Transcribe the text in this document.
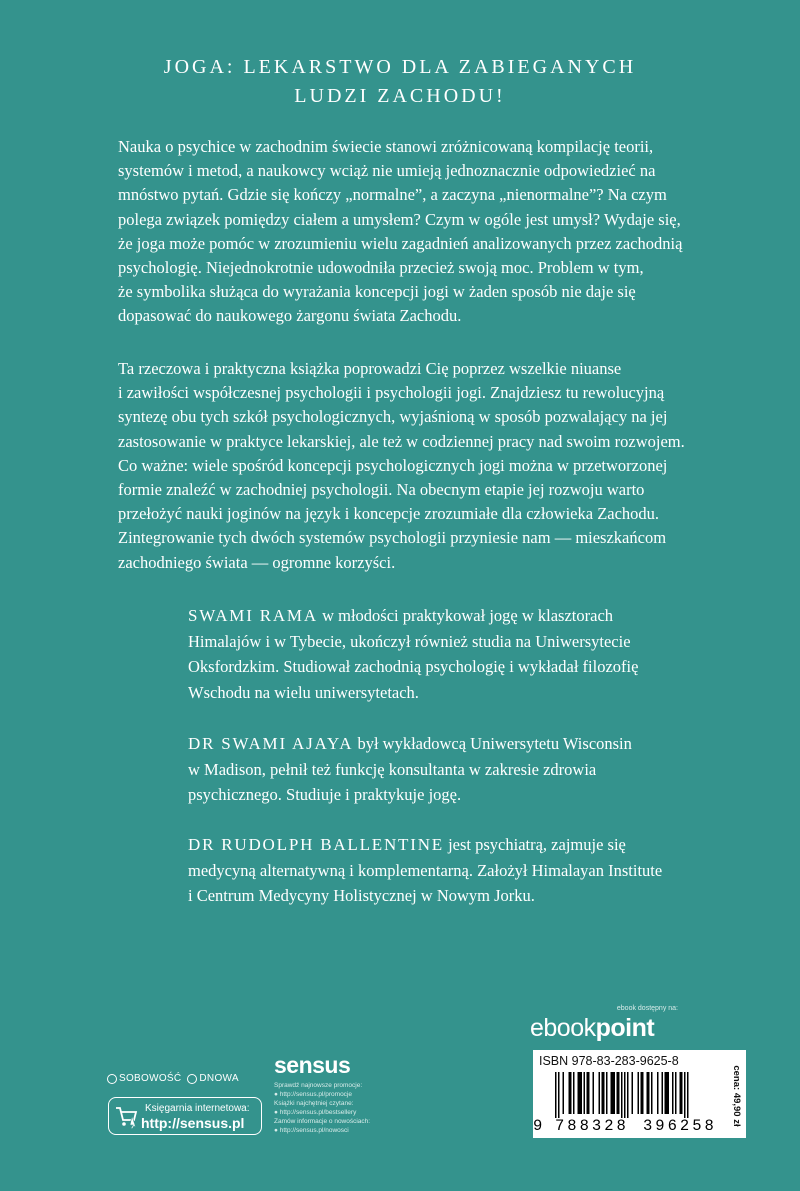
JOGA: LEKARSTWO DLA ZABIEGANYCH
LUDZI ZACHODU!
Nauka o psychice w zachodnim świecie stanowi zróżnicowaną kompilację teorii,
systemów i metod, a naukowcy wciąż nie umieją jednoznacznie odpowiedzieć na
mnóstwo pytań. Gdzie się kończy „normalne”, a zaczyna „nienormalne”? Na czym
polega związek pomiędzy ciałem a umysłem? Czym w ogóle jest umysł? Wydaje się,
że joga może pomóc w zrozumieniu wielu zagadnień analizowanych przez zachodnią
psychologię. Niejednokrotnie udowodniła przecież swoją moc. Problem w tym,
że symbolika służąca do wyrażania koncepcji jogi w żaden sposób nie daje się
dopasować do naukowego żargonu świata Zachodu.
Ta rzeczowa i praktyczna książka poprowadzi Cię poprzez wszelkie niuanse
i zawiłości współczesnej psychologii i psychologii jogi. Znajdziesz tu rewolucyjną
syntezę obu tych szkół psychologicznych, wyjaśnioną w sposób pozwalający na jej
zastosowanie w praktyce lekarskiej, ale też w codziennej pracy nad swoim rozwojem.
Co ważne: wiele spośród koncepcji psychologicznych jogi można w przetworzonej
formie znaleźć w zachodniej psychologii. Na obecnym etapie jej rozwoju warto
przełożyć nauki joginów na język i koncepcje zrozumiałe dla człowieka Zachodu.
Zintegrowanie tych dwóch systemów psychologii przyniesie nam — mieszkańcom
zachodniego świata — ogromne korzyści.
SWAMI RAMA w młodości praktykował jogę w klasztorach
Himalajów i w Tybecie, ukończył również studia na Uniwersytecie
Oksfordzkim. Studiował zachodnią psychologię i wykładał filozofię
Wschodu na wielu uniwersytetach.
DR SWAMI AJAYA był wykładowcą Uniwersytetu Wisconsin
w Madison, pełnił też funkcję konsultanta w zakresie zdrowia
psychicznego. Studiuje i praktykuje jogę.
DR RUDOLPH BALLENTINE jest psychiatrą, zajmuje się
medycyną alternatywną i komplementarną. Założył Himalayan Institute
i Centrum Medycyny Holistycznej w Nowym Jorku.
ebook dostępny na:
ebookpoint
ISBN 978-83-283-9625-8
9 788328 396258	cena: 49,90 zł
SOBOWOŚĆ DNOWA
sensus
Sprawdź najnowsze promocje:
● http://sensus.pl/promocje
Książki najchętniej czytane:
● http://sensus.pl/bestsellery
Zamów informacje o nowościach:
● http://sensus.pl/nowosci
Księgarnia internetowa:
http://sensus.pl
